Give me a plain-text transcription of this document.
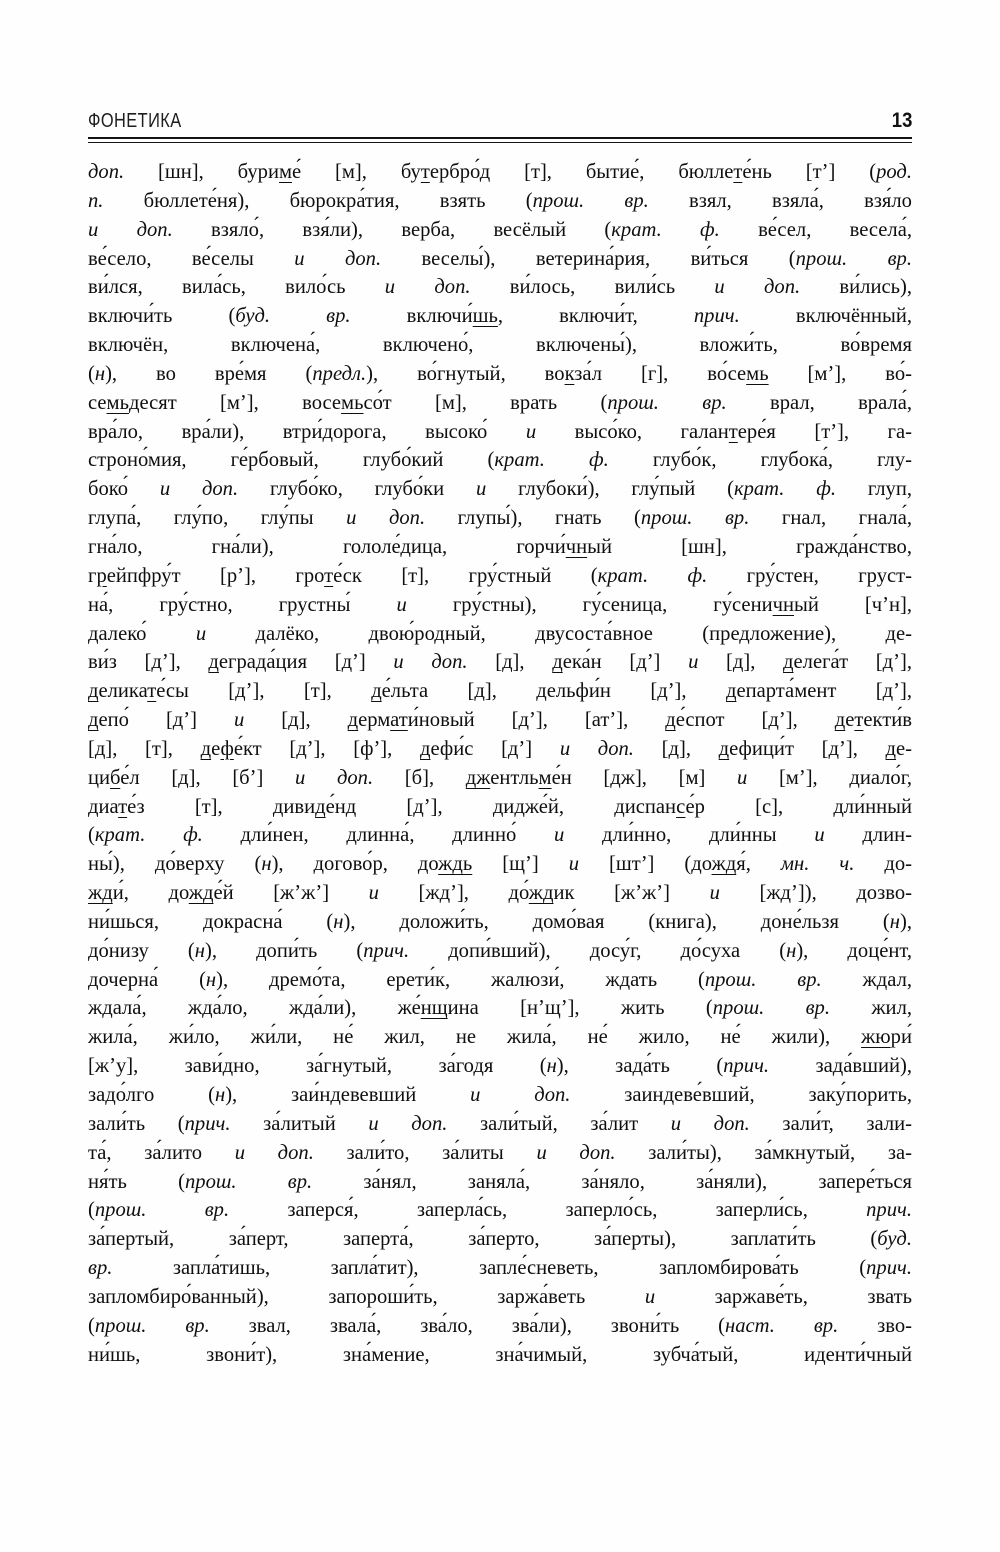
ФОНЕТИКА	13
доп. [шн], буриме́ [м], бутербро́д [т], бытие́, бюллете́нь [т’] (род.
п. бюллете́ня), бюрокра́тия, взять (прош. вр. взял, взяла́, взя́ло
и доп. взяло́, взя́ли), верба, весёлый (крат. ф. ве́сел, весела́,
ве́село, ве́селы и доп. веселы́), ветерина́рия, ви́ться (прош. вр.
ви́лся, вила́сь, вило́сь и доп. ви́лось, вили́сь и доп. ви́лись),
включи́ть (буд. вр. включи́шь, включи́т, прич. включённый,
включён, включена́, включено́, включены́), вложи́ть, во́время
(н), во вре́мя (предл.), во́гнутый, вокза́л [г], во́семь [м’], во́-
семьдесят [м’], восемьсо́т [м], врать (прош. вр. врал, врала́,
вра́ло, вра́ли), втри́дорога, высоко́ и высо́ко, галантере́я [т’], га-
строно́мия, ге́рбовый, глубо́кий (крат. ф. глубо́к, глубока́, глу-
боко́ и доп. глубо́ко, глубо́ки и глубоки́), глу́пый (крат. ф. глуп,
глупа́, глу́по, глу́пы и доп. глупы́), гнать (прош. вр. гнал, гнала́,
гна́ло, гна́ли), гололе́дица, горчи́чный [шн], гражда́нство,
грейпфру́т [р’], гроте́ск [т], гру́стный (крат. ф. гру́стен, груст-
на́, гру́стно, грустны́ и гру́стны), гу́сеница, гу́сеничный [ч’н],
далеко́ и далёко, двою́родный, двусоста́вное (предложение), де-
ви́з [д’], деграда́ция [д’] и доп. [д], дека́н [д’] и [д], делега́т [д’],
деликате́сы [д’], [т], де́льта [д], дельфи́н [д’], департа́мент [д’],
депо́ [д’] и [д], дермати́новый [д’], [ат’], де́спот [д’], детекти́в
[д], [т], дефе́кт [д’], [ф’], дефи́с [д’] и доп. [д], дефици́т [д’], де-
цибе́л [д], [б’] и доп. [б], джентльме́н [дж], [м] и [м’], диало́г,
диате́з [т], дивиде́нд [д’], дидже́й, диспансе́р [с], дли́нный
(крат. ф. дли́нен, длинна́, длинно́ и дли́нно, дли́нны и длин-
ны́), до́верху (н), догово́р, дождь [щ’] и [шт’] (дождя́, мн. ч. до-
жди́, дожде́й [ж’ж’] и [жд’], до́ждик [ж’ж’] и [жд’]), дозво-
ни́шься, докрасна́ (н), доложи́ть, домо́вая (книга), доне́льзя (н),
до́низу (н), допи́ть (прич. допи́вший), досу́г, до́суха (н), доце́нт,
дочерна́ (н), дремо́та, ерети́к, жалюзи́, ждать (прош. вр. ждал,
ждала́, жда́ло, жда́ли), же́нщина [н’щ’], жить (прош. вр. жил,
жила́, жи́ло, жи́ли, не́ жил, не жила́, не́ жило, не́ жили), жюри́
[ж’у], зави́дно, за́гнутый, за́годя (н), зада́ть (прич. зада́вший),
задо́лго (н), заи́ндевевший и доп. заиндеве́вший, заку́порить,
зали́ть (прич. за́литый и доп. зали́тый, за́лит и доп. зали́т, зали-
та́, за́лито и доп. зали́то, за́литы и доп. зали́ты), за́мкнутый, за-
ня́ть (прош. вр. за́нял, заняла́, за́няло, за́няли), запере́ться
(прош. вр. заперся́, заперла́сь, заперло́сь, заперли́сь, прич.
за́пертый, за́перт, заперта́, за́перто, за́перты), заплати́ть (буд.
вр. запла́тишь, запла́тит), запле́сневеть, запломбирова́ть (прич.
запломбиро́ванный), запороши́ть, заржа́веть и заржаве́ть, звать
(прош. вр. звал, звала́, зва́ло, зва́ли), звони́ть (наст. вр. зво-
ни́шь, звони́т), зна́мение, зна́чимый, зубча́тый, иденти́чный
